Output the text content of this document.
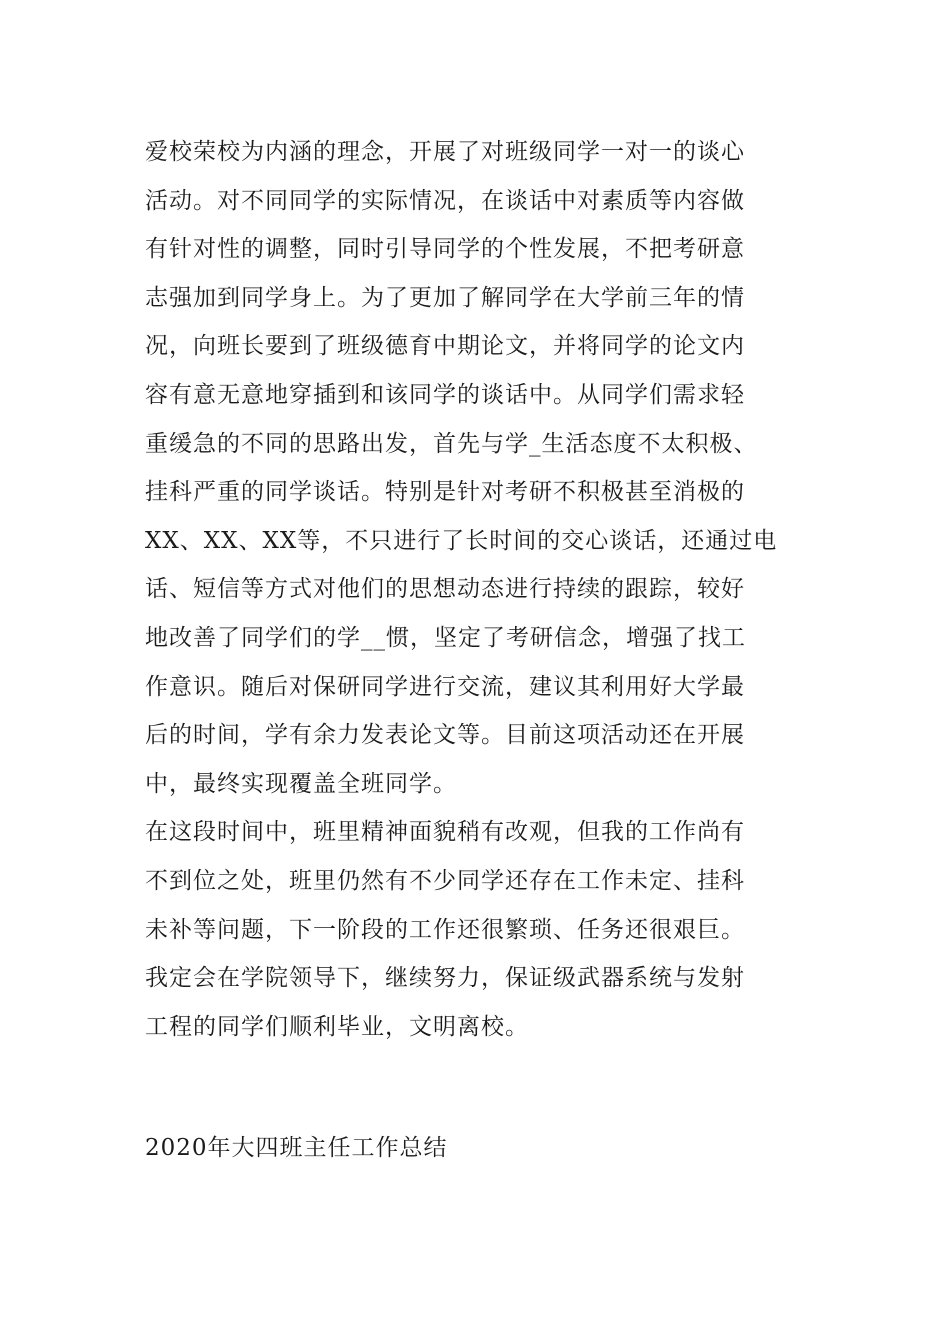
爱校荣校为内涵的理念，开展了对班级同学一对一的谈心
活动。对不同同学的实际情况，在谈话中对素质等内容做
有针对性的调整，同时引导同学的个性发展，不把考研意
志强加到同学身上。为了更加了解同学在大学前三年的情
况，向班长要到了班级德育中期论文，并将同学的论文内
容有意无意地穿插到和该同学的谈话中。从同学们需求轻
重缓急的不同的思路出发，首先与学_生活态度不太积极、
挂科严重的同学谈话。特别是针对考研不积极甚至消极的
XX、XX、XX等，不只进行了长时间的交心谈话，还通过电
话、短信等方式对他们的思想动态进行持续的跟踪，较好
地改善了同学们的学__惯，坚定了考研信念，增强了找工
作意识。随后对保研同学进行交流，建议其利用好大学最
后的时间，学有余力发表论文等。目前这项活动还在开展
中，最终实现覆盖全班同学。
在这段时间中，班里精神面貌稍有改观，但我的工作尚有
不到位之处，班里仍然有不少同学还存在工作未定、挂科
未补等问题，下一阶段的工作还很繁琐、任务还很艰巨。
我定会在学院领导下，继续努力，保证级武器系统与发射
工程的同学们顺利毕业，文明离校。
2020年大四班主任工作总结
